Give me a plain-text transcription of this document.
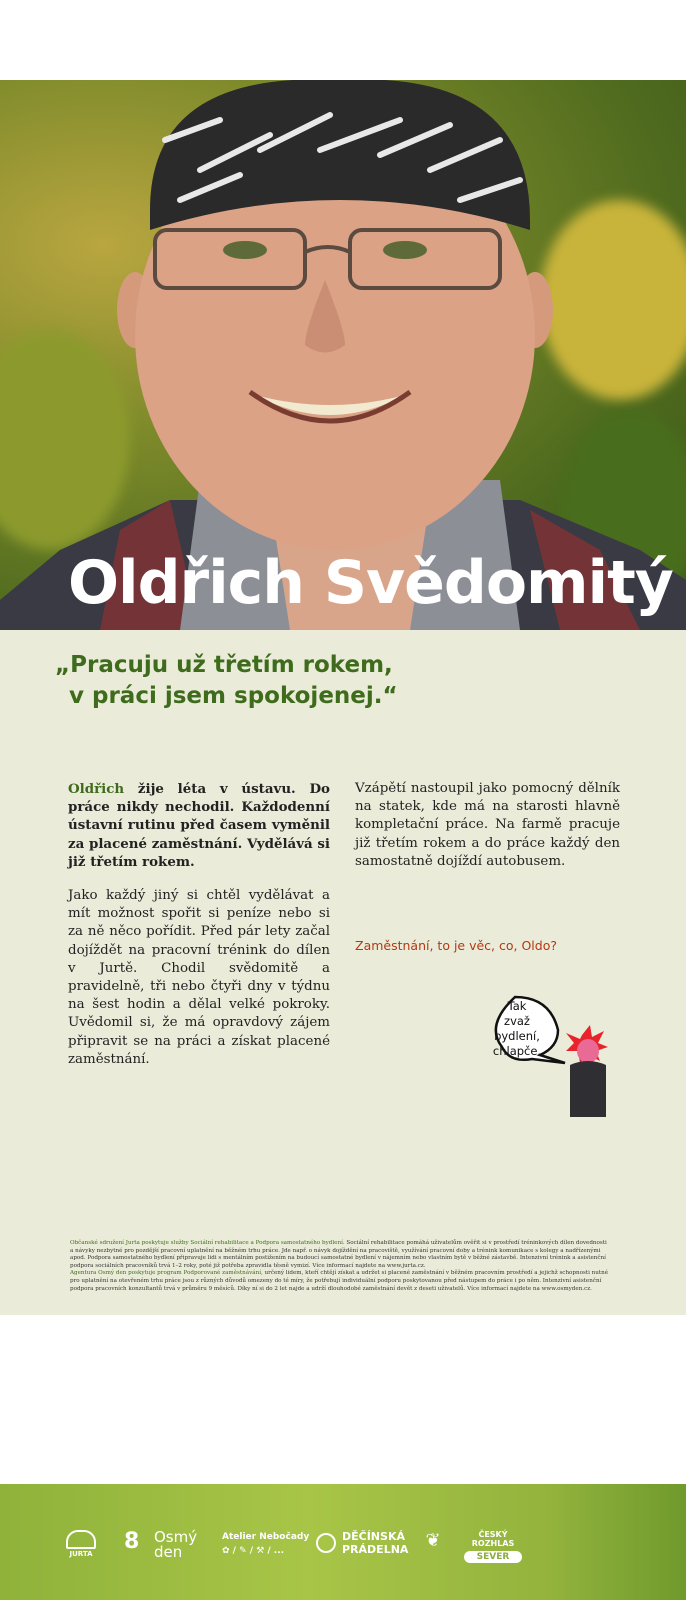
Oldřich Svědomitý
„Pracuju už třetím rokem,
v práci jsem spokojenej.“

Oldřich žije léta v ústavu. Do práce nikdy nechodil. Každodenní ústavní rutinu před časem vyměnil za placené zaměstnání. Vydělává si již třetím rokem.

Jako každý jiný si chtěl vydělávat a mít možnost spořit si peníze nebo si za ně něco pořídit. Před pár lety začal dojíždět na pracovní trénink do dílen v Jurtě. Chodil svědomitě a pravidelně, tři nebo čtyři dny v týdnu na šest hodin a dělal velké pokroky. Uvědomil si, že má opravdový zájem připravit se na práci a získat placené zaměstnání.

Vzápětí nastoupil jako pomocný dělník na statek, kde má na starosti hlavně kompletační práce. Na farmě pracuje již třetím rokem a do práce každý den samostatně dojíždí autobusem.

Zaměstnání, to je věc, co, Oldo?
Tak
zvaž
bydlení,
chlapče.

Občanské sdružení Jurta poskytuje služby Sociální rehabilitace a Podpora samostatného bydlení. Sociální rehabilitace pomáhá uživatelům ověřit si v prostředí tréninkových dílen dovednosti a návyky nezbytné pro pozdější pracovní uplatnění na běžném trhu práce. Jde např. o návyk dojíždění na pracoviště, využívání pracovní doby a trénink komunikace s kolegy a nadřízenými apod. Podpora samostatného bydlení připravuje lidi s mentálním postižením na budoucí samostatné bydlení v nájemním nebo vlastním bytě v běžné zástavbě. Intenzivní trénink a asistenční podpora sociálních pracovníků trvá 1–2 roky, poté již potřeba zpravidla těsně vymizí. Více informací najdete na www.jurta.cz.

Agentura Osmý den poskytuje program Podporované zaměstnávání, určený lidem, kteří chtějí získat a udržet si placené zaměstnání v běžném pracovním prostředí a jejichž schopnosti nutné pro uplatnění na otevřeném trhu práce jsou z různých důvodů omezeny do té míry, že potřebují individuální podporu poskytovanou před nástupem do práce i po něm. Intenzivní asistenční podpora pracovních konzultantů trvá v průměru 9 měsíců. Díky ní si do 2 let najde a udrží dlouhodobé zaměstnání devět z deseti uživatelů. Více informací najdete na www.osmyden.cz.

JURTA 8 Osmý
den
Atelier Nebočady
✿ / ✎ / ⚒ / ...
DĚČÍNSKÁ
PRÁDELNA ❦	ČESKÝ ROZHLAS
SEVER
